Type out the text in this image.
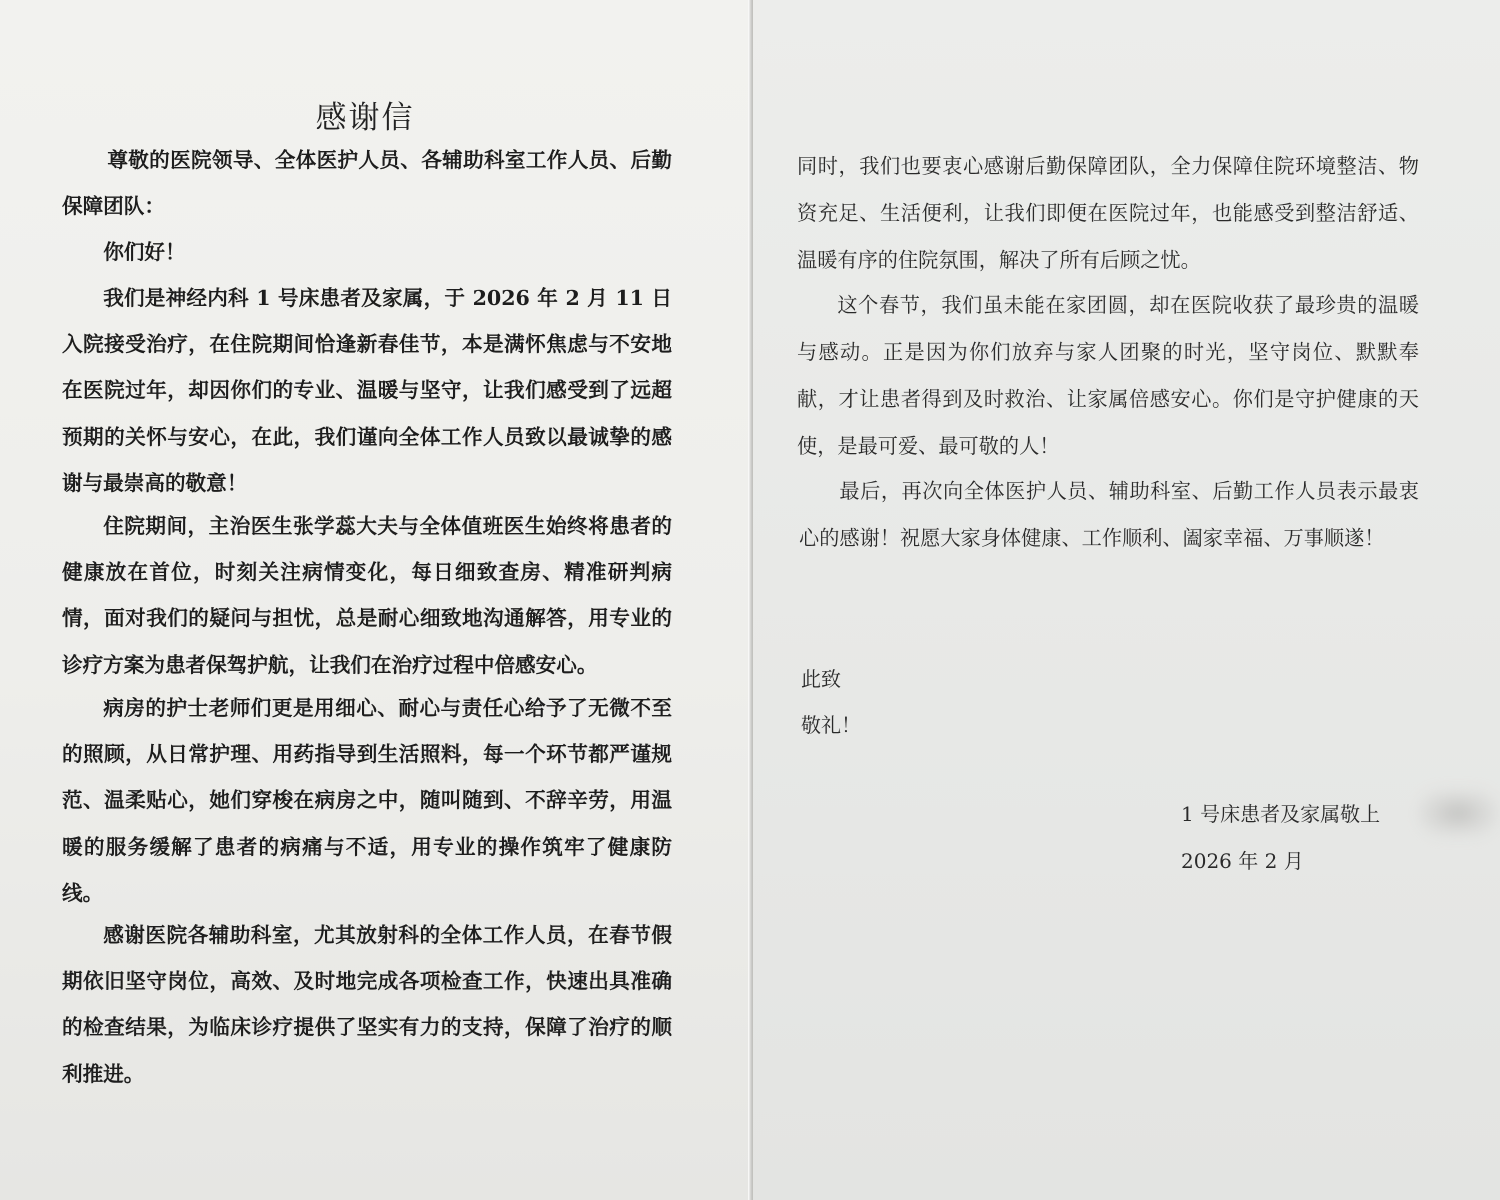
感谢信

尊敬的医院领导、全体医护人员、各辅助科室工作人员、后勤保障团队：

你们好！

我们是神经内科 1 号床患者及家属，于 2026 年 2 月 11 日入院接受治疗，在住院期间恰逢新春佳节，本是满怀焦虑与不安地在医院过年，却因你们的专业、温暖与坚守，让我们感受到了远超预期的关怀与安心，在此，我们谨向全体工作人员致以最诚挚的感谢与最崇高的敬意！

住院期间，主治医生张学蕊大夫与全体值班医生始终将患者的健康放在首位，时刻关注病情变化，每日细致查房、精准研判病情，面对我们的疑问与担忧，总是耐心细致地沟通解答，用专业的诊疗方案为患者保驾护航，让我们在治疗过程中倍感安心。

病房的护士老师们更是用细心、耐心与责任心给予了无微不至的照顾，从日常护理、用药指导到生活照料，每一个环节都严谨规范、温柔贴心，她们穿梭在病房之中，随叫随到、不辞辛劳，用温暖的服务缓解了患者的病痛与不适，用专业的操作筑牢了健康防线。

感谢医院各辅助科室，尤其放射科的全体工作人员，在春节假期依旧坚守岗位，高效、及时地完成各项检查工作，快速出具准确的检查结果，为临床诊疗提供了坚实有力的支持，保障了治疗的顺利推进。

同时，我们也要衷心感谢后勤保障团队，全力保障住院环境整洁、物资充足、生活便利，让我们即便在医院过年，也能感受到整洁舒适、温暖有序的住院氛围，解决了所有后顾之忧。

这个春节，我们虽未能在家团圆，却在医院收获了最珍贵的温暖与感动。正是因为你们放弃与家人团聚的时光，坚守岗位、默默奉献，才让患者得到及时救治、让家属倍感安心。你们是守护健康的天使，是最可爱、最可敬的人！

最后，再次向全体医护人员、辅助科室、后勤工作人员表示最衷心的感谢！祝愿大家身体健康、工作顺利、阖家幸福、万事顺遂！

此致

敬礼！

1 号床患者及家属敬上

2026 年 2 月
